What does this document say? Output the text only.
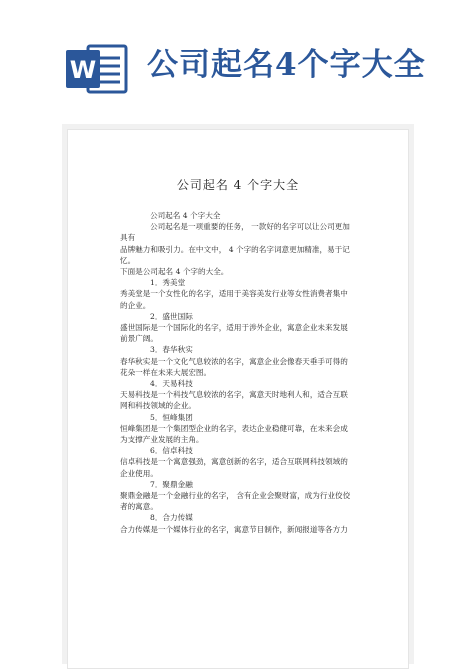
W 公司起名4个字大全
公司起名 4 个字大全

公司起名 4 个字大全

公司起名是一项重要的任务， 一款好的名字可以让公司更加具有

品牌魅力和吸引力。在中文中， 4 个字的名字词意更加精准，易于记忆。

下面是公司起名 4 个字的大全。

1．秀美堂

秀美堂是一个女性化的名字，适用于美容美发行业等女性消费者集中

的企业。

2．盛世国际

盛世国际是一个国际化的名字，适用于涉外企业，寓意企业未来发展

前景广阔。

3．春华秋实

春华秋实是一个文化气息较浓的名字，寓意企业会像春天垂手可得的

花朵一样在未来大展宏图。

4．天易科技

天易科技是一个科技气息较浓的名字，寓意天时地利人和，适合互联

网和科技领域的企业。

5．恒峰集团

恒峰集团是一个集团型企业的名字，表达企业稳健可靠，在未来会成

为支撑产业发展的主角。

6．信卓科技

信卓科技是一个寓意强劲，寓意创新的名字，适合互联网科技领域的

企业使用。

7．聚鼎金融

聚鼎金融是一个金融行业的名字， 含有企业会聚财富，成为行业佼佼

者的寓意。

8．合力传媒

合力传媒是一个媒体行业的名字，寓意节目制作，新闻报道等各方力
